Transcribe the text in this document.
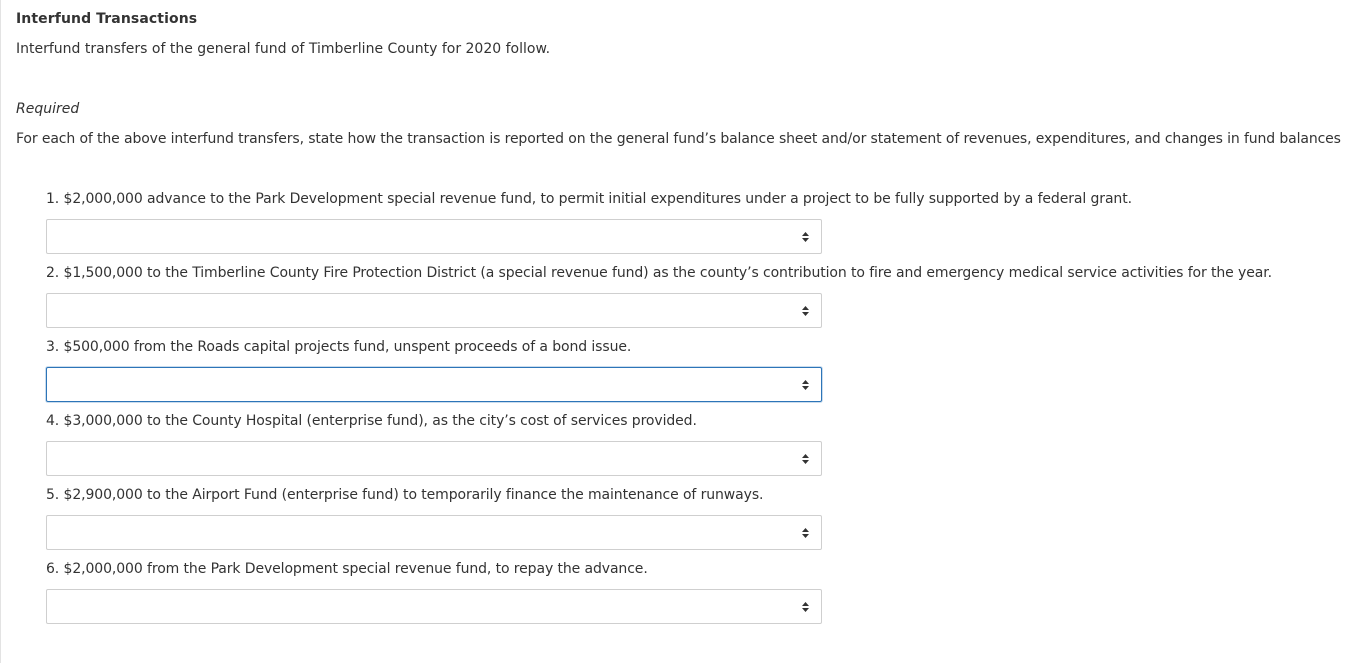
Interfund Transactions
Interfund transfers of the general fund of Timberline County for 2020 follow.
Required
For each of the above interfund transfers, state how the transaction is reported on the general fund’s balance sheet and/or statement of revenues, expenditures, and changes in fund balances
1. $2,000,000 advance to the Park Development special revenue fund, to permit initial expenditures under a project to be fully supported by a federal grant.
2. $1,500,000 to the Timberline County Fire Protection District (a special revenue fund) as the county’s contribution to fire and emergency medical service activities for the year.
3. $500,000 from the Roads capital projects fund, unspent proceeds of a bond issue.
4. $3,000,000 to the County Hospital (enterprise fund), as the city’s cost of services provided.
5. $2,900,000 to the Airport Fund (enterprise fund) to temporarily finance the maintenance of runways.
6. $2,000,000 from the Park Development special revenue fund, to repay the advance.
